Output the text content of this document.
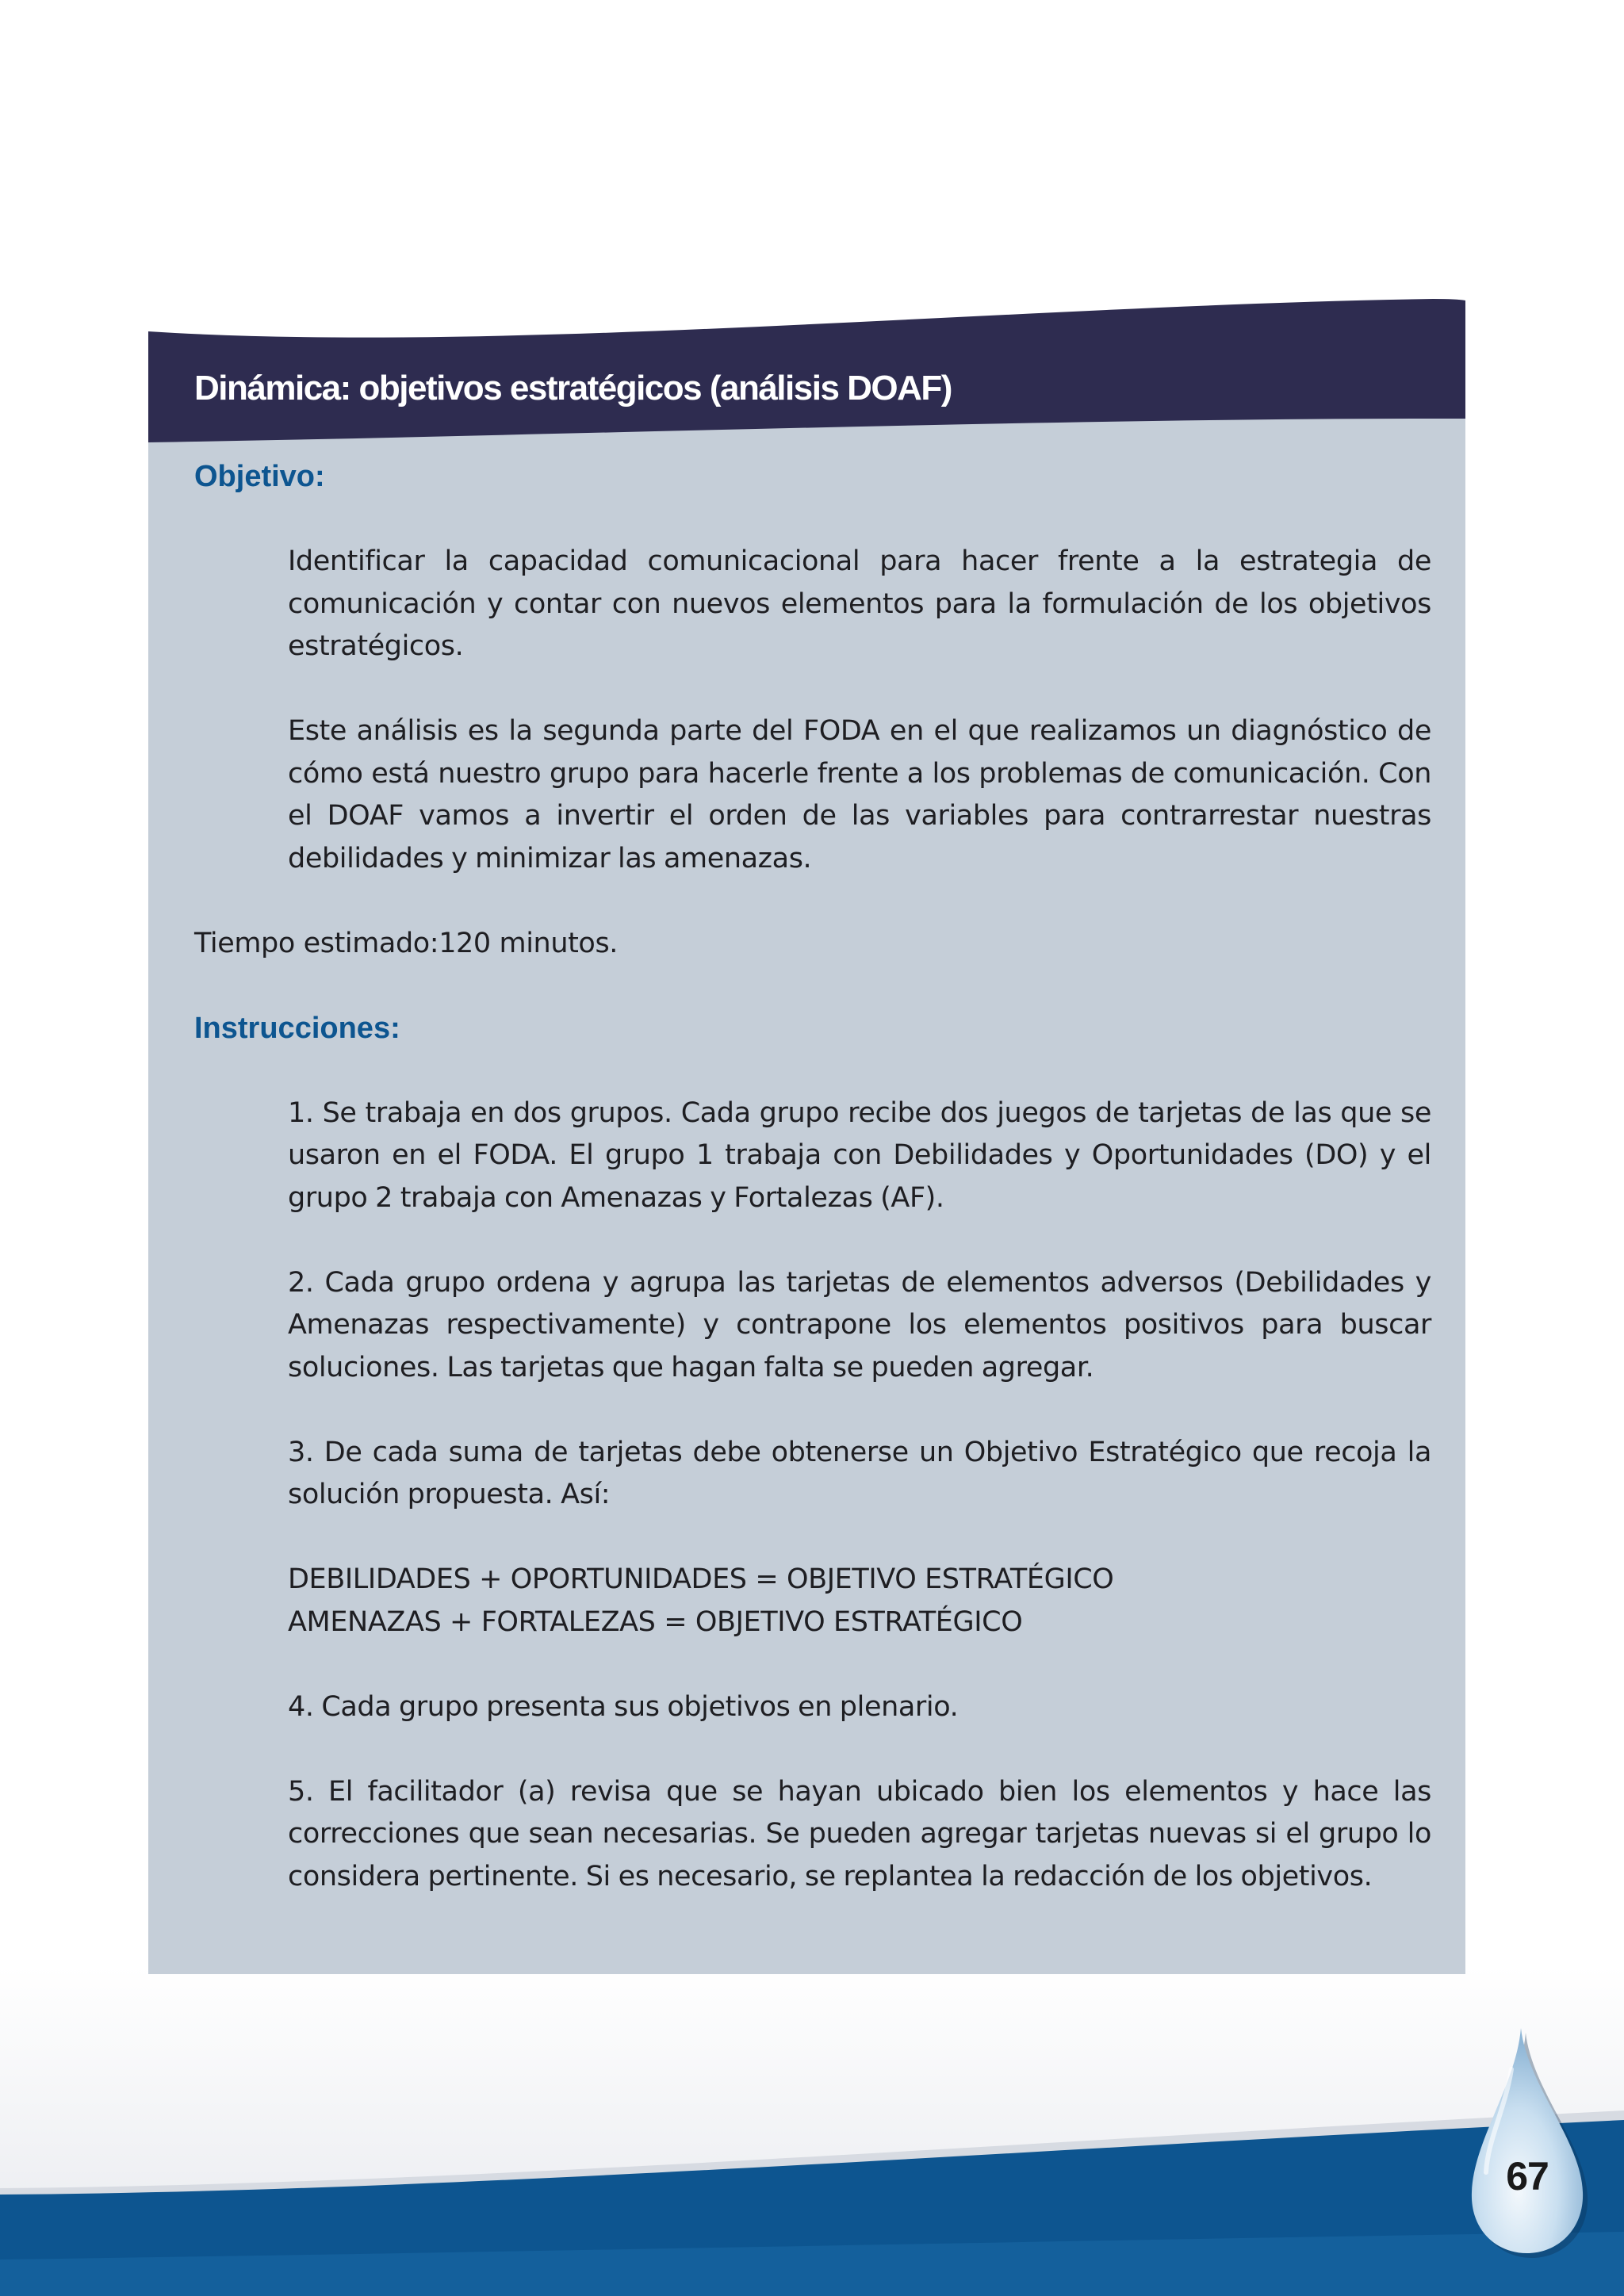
Dinámica: objetivos estratégicos (análisis DOAF)

Objetivo:

Identificar la capacidad comunicacional para hacer frente a la estrategia de comunicación y contar con nuevos elementos para la formulación de los objetivos estratégicos.

Este análisis es la segunda parte del FODA en el que realizamos un diagnóstico de cómo está nuestro grupo para hacerle frente a los problemas de comunicación. Con el DOAF vamos a invertir el orden de las variables para contrarrestar nuestras debilidades y minimizar las amenazas.

Tiempo estimado:120 minutos.

Instrucciones:

1. Se trabaja en dos grupos. Cada grupo recibe dos juegos de tarjetas de las que se usaron en el FODA. El grupo 1 trabaja con Debilidades y Oportunidades (DO) y el grupo 2 trabaja con Amenazas y Fortalezas (AF).

2. Cada grupo ordena y agrupa las tarjetas de elementos adversos (Debilidades y Amenazas respectivamente) y contrapone los elementos positivos para buscar soluciones. Las tarjetas que hagan falta se pueden agregar.

3. De cada suma de tarjetas debe obtenerse un Objetivo Estratégico que recoja la solución propuesta. Así:

DEBILIDADES + OPORTUNIDADES = OBJETIVO ESTRATÉGICO

AMENAZAS + FORTALEZAS = OBJETIVO ESTRATÉGICO

4. Cada grupo presenta sus objetivos en plenario.

5. El facilitador (a) revisa que se hayan ubicado bien los elementos y hace las correcciones que sean necesarias. Se pueden agregar tarjetas nuevas si el grupo lo considera pertinente. Si es necesario, se replantea la redacción de los objetivos.

67
